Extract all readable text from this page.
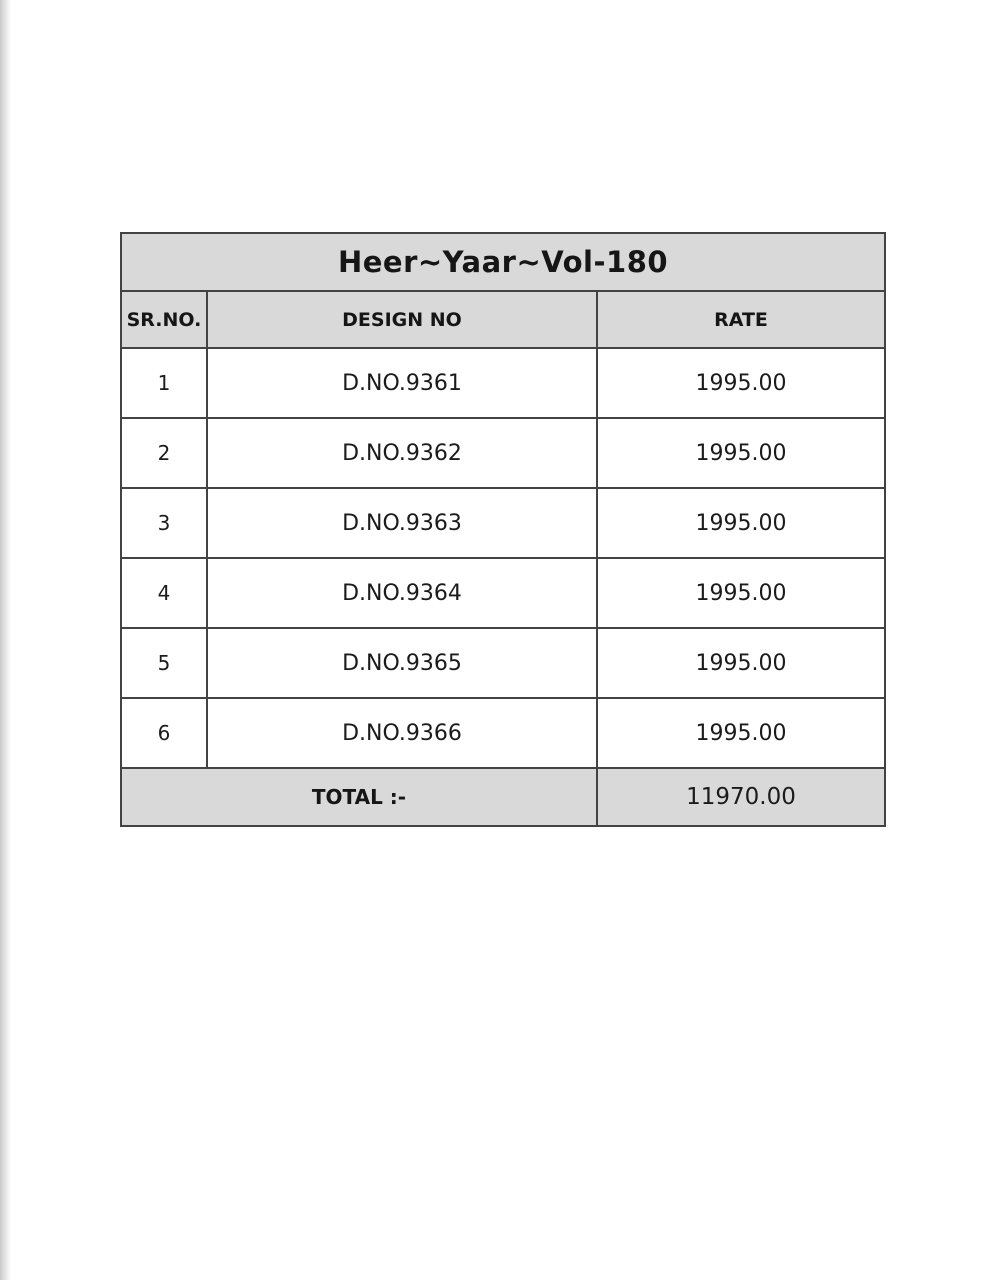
Heer~Yaar~Vol-180		
SR.NO.	DESIGN NO	RATE
1	D.NO.9361	1995.00
2	D.NO.9362	1995.00
3	D.NO.9363	1995.00
4	D.NO.9364	1995.00
5	D.NO.9365	1995.00
6	D.NO.9366	1995.00
TOTAL :-		11970.00
